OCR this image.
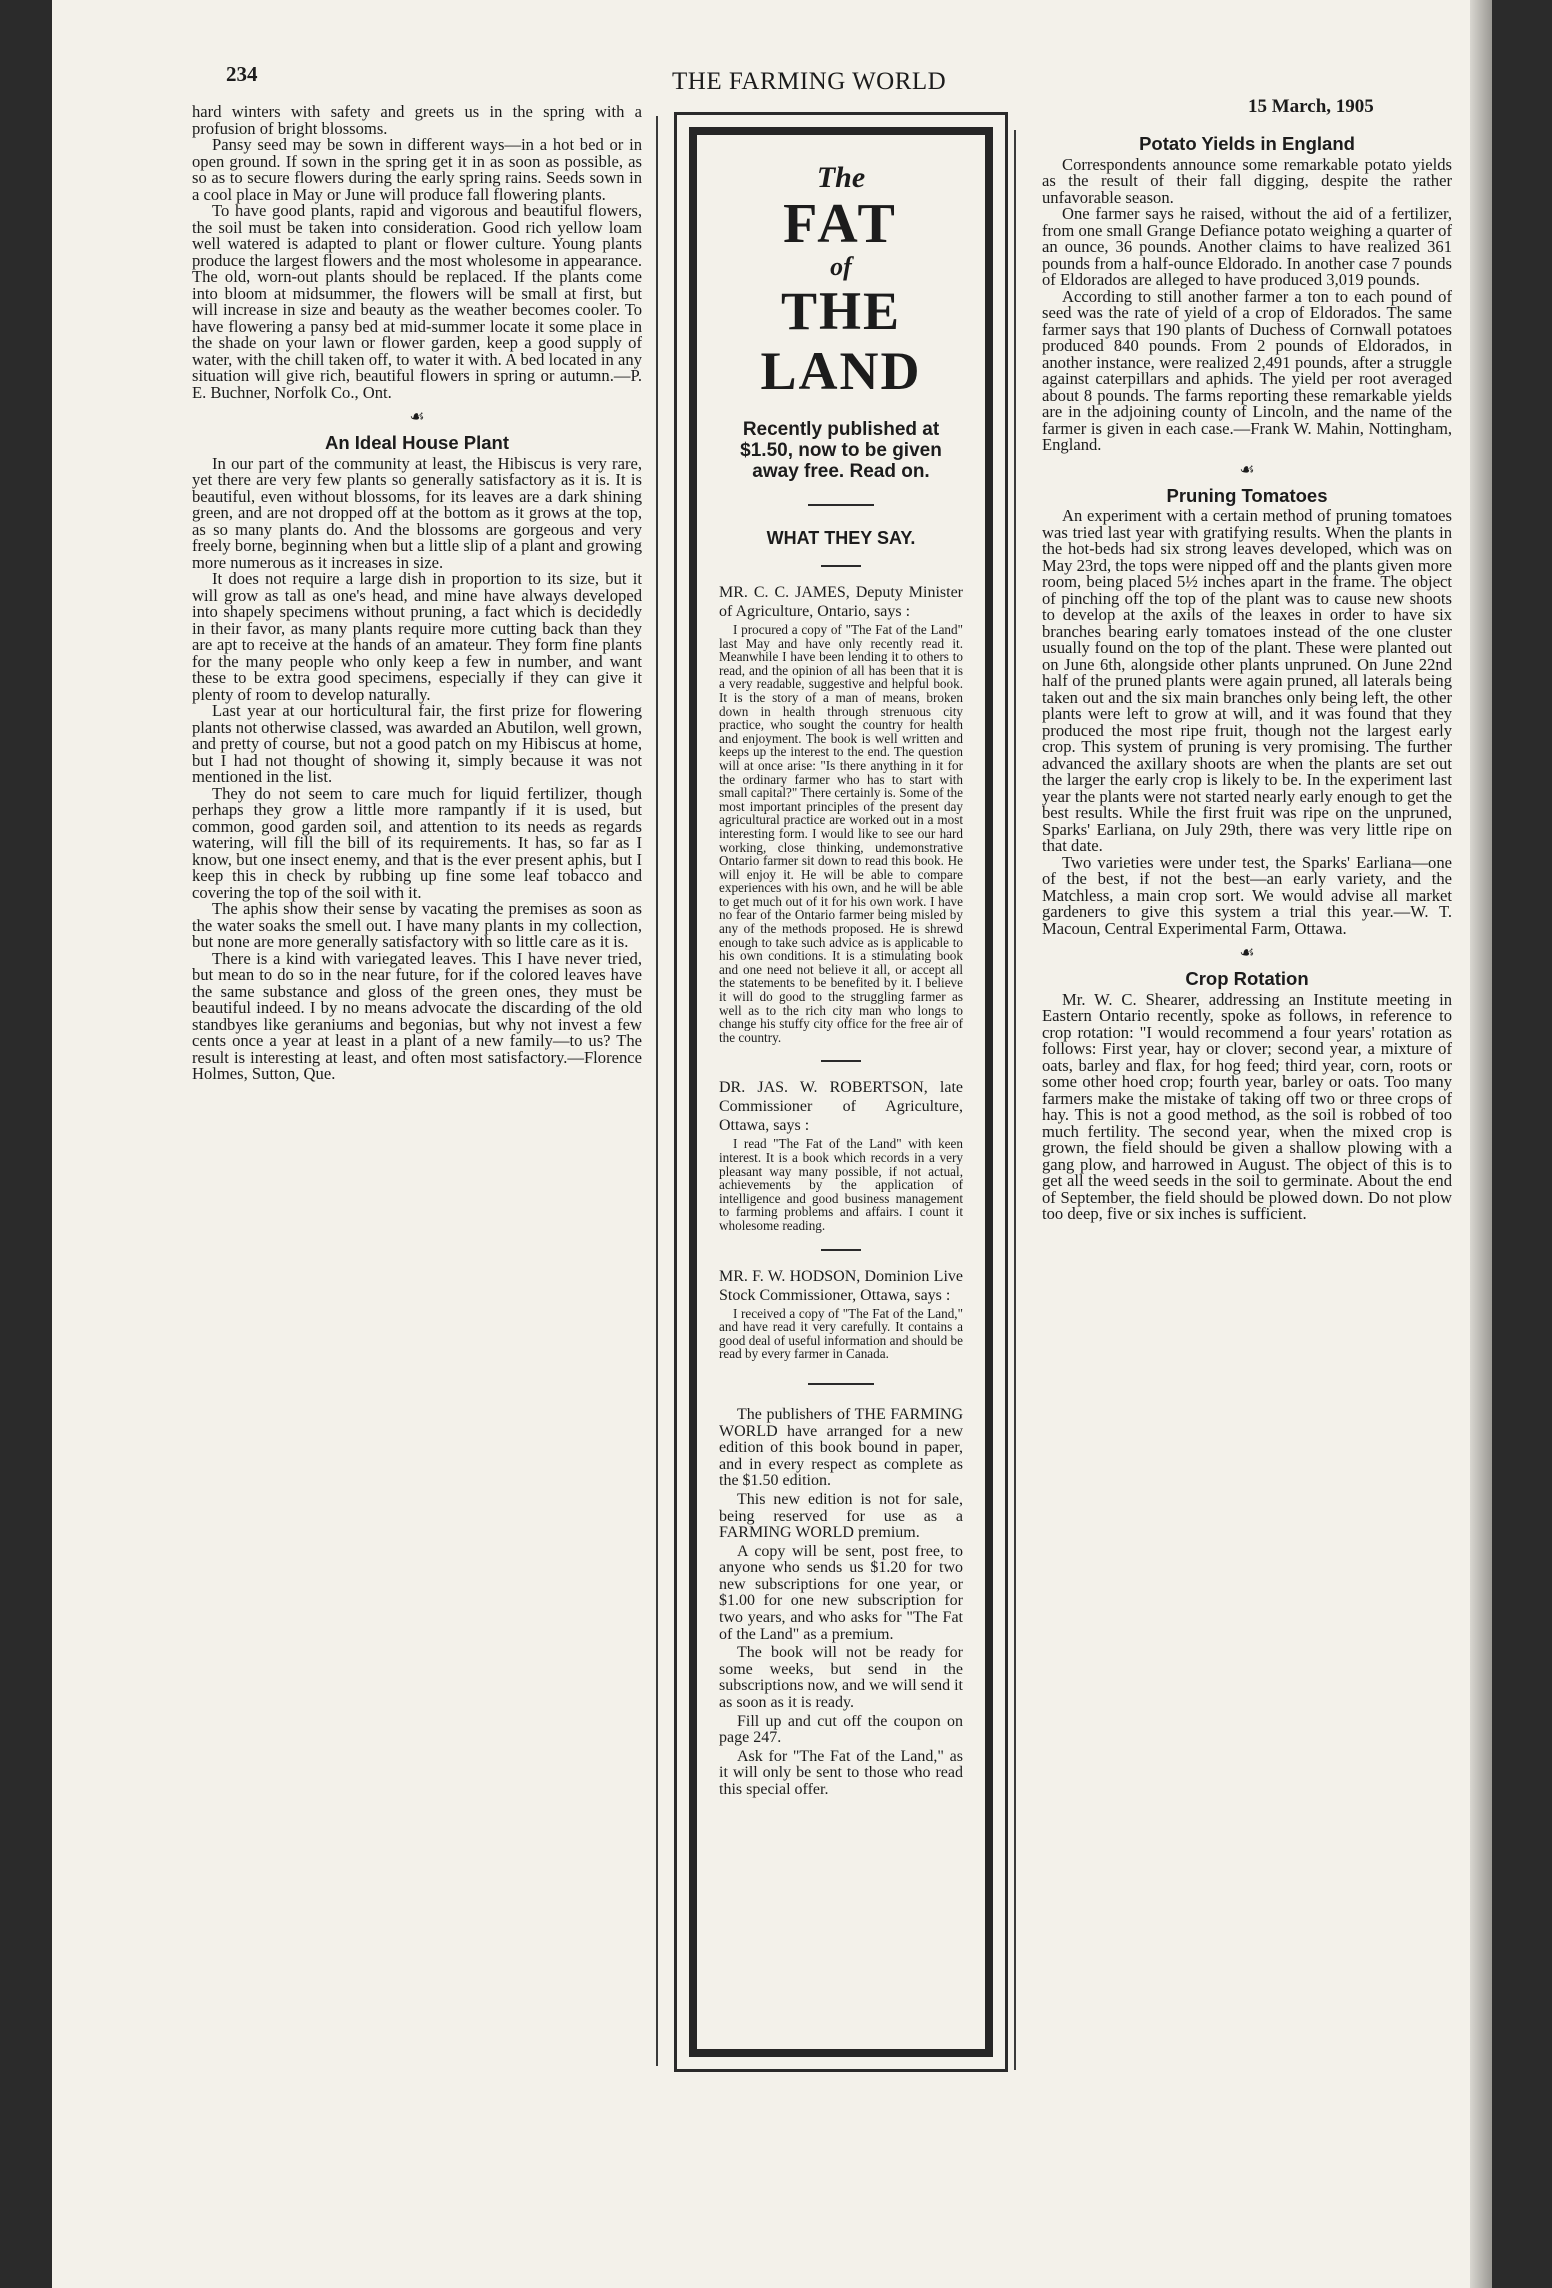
234	THE FARMING WORLD
15 March, 1905

hard winters with safety and greets us in the spring with a profusion of bright blossoms.

Pansy seed may be sown in different ways—in a hot bed or in open ground. If sown in the spring get it in as soon as possible, as so as to secure flowers during the early spring rains. Seeds sown in a cool place in May or June will produce fall flowering plants.

To have good plants, rapid and vigorous and beautiful flowers, the soil must be taken into consideration. Good rich yellow loam well watered is adapted to plant or flower culture. Young plants produce the largest flowers and the most wholesome in appearance. The old, worn-out plants should be replaced. If the plants come into bloom at midsummer, the flowers will be small at first, but will increase in size and beauty as the weather becomes cooler. To have flowering a pansy bed at mid-summer locate it some place in the shade on your lawn or flower garden, keep a good supply of water, with the chill taken off, to water it with. A bed located in any situation will give rich, beautiful flowers in spring or autumn.—P. E. Buchner, Norfolk Co., Ont.

☙
An Ideal House Plant

In our part of the community at least, the Hibiscus is very rare, yet there are very few plants so generally satisfactory as it is. It is beautiful, even without blossoms, for its leaves are a dark shining green, and are not dropped off at the bottom as it grows at the top, as so many plants do. And the blossoms are gorgeous and very freely borne, beginning when but a little slip of a plant and growing more numerous as it increases in size.

It does not require a large dish in proportion to its size, but it will grow as tall as one's head, and mine have always developed into shapely specimens without pruning, a fact which is decidedly in their favor, as many plants require more cutting back than they are apt to receive at the hands of an amateur. They form fine plants for the many people who only keep a few in number, and want these to be extra good specimens, especially if they can give it plenty of room to develop naturally.

Last year at our horticultural fair, the first prize for flowering plants not otherwise classed, was awarded an Abutilon, well grown, and pretty of course, but not a good patch on my Hibiscus at home, but I had not thought of showing it, simply because it was not mentioned in the list.

They do not seem to care much for liquid fertilizer, though perhaps they grow a little more rampantly if it is used, but common, good garden soil, and attention to its needs as regards watering, will fill the bill of its requirements. It has, so far as I know, but one insect enemy, and that is the ever present aphis, but I keep this in check by rubbing up fine some leaf tobacco and covering the top of the soil with it.

The aphis show their sense by vacating the premises as soon as the water soaks the smell out. I have many plants in my collection, but none are more generally satisfactory with so little care as it is.

There is a kind with variegated leaves. This I have never tried, but mean to do so in the near future, for if the colored leaves have the same substance and gloss of the green ones, they must be beautiful indeed. I by no means advocate the discarding of the old standbyes like geraniums and begonias, but why not invest a few cents once a year at least in a plant of a new family—to us? The result is interesting at least, and often most satisfactory.—Florence Holmes, Sutton, Que.

The
FAT
of
THE LAND
Recently published at $1.50, now to be given away free. Read on.
WHAT THEY SAY.
MR. C. C. JAMES, Deputy Minister of Agriculture, Ontario, says :
I procured a copy of "The Fat of the Land" last May and have only recently read it. Meanwhile I have been lending it to others to read, and the opinion of all has been that it is a very readable, suggestive and helpful book. It is the story of a man of means, broken down in health through strenuous city practice, who sought the country for health and enjoyment. The book is well written and keeps up the interest to the end. The question will at once arise: "Is there anything in it for the ordinary farmer who has to start with small capital?" There certainly is. Some of the most important principles of the present day agricultural practice are worked out in a most interesting form. I would like to see our hard working, close thinking, undemonstrative Ontario farmer sit down to read this book. He will enjoy it. He will be able to compare experiences with his own, and he will be able to get much out of it for his own work. I have no fear of the Ontario farmer being misled by any of the methods proposed. He is shrewd enough to take such advice as is applicable to his own conditions. It is a stimulating book and one need not believe it all, or accept all the statements to be benefited by it. I believe it will do good to the struggling farmer as well as to the rich city man who longs to change his stuffy city office for the free air of the country.
DR. JAS. W. ROBERTSON, late Commissioner of Agriculture, Ottawa, says :
I read "The Fat of the Land" with keen interest. It is a book which records in a very pleasant way many possible, if not actual, achievements by the application of intelligence and good business management to farming problems and affairs. I count it wholesome reading.
MR. F. W. HODSON, Dominion Live Stock Commissioner, Ottawa, says :
I received a copy of "The Fat of the Land," and have read it very carefully. It contains a good deal of useful information and should be read by every farmer in Canada.

The publishers of THE FARMING WORLD have arranged for a new edition of this book bound in paper, and in every respect as complete as the $1.50 edition.

This new edition is not for sale, being reserved for use as a FARMING WORLD premium.

A copy will be sent, post free, to anyone who sends us $1.20 for two new subscriptions for one year, or $1.00 for one new subscription for two years, and who asks for "The Fat of the Land" as a premium.

The book will not be ready for some weeks, but send in the subscriptions now, and we will send it as soon as it is ready.

Fill up and cut off the coupon on page 247.

Ask for "The Fat of the Land," as it will only be sent to those who read this special offer.

Potato Yields in England

Correspondents announce some remarkable potato yields as the result of their fall digging, despite the rather unfavorable season.

One farmer says he raised, without the aid of a fertilizer, from one small Grange Defiance potato weighing a quarter of an ounce, 36 pounds. Another claims to have realized 361 pounds from a half-ounce Eldorado. In another case 7 pounds of Eldorados are alleged to have produced 3,019 pounds.

According to still another farmer a ton to each pound of seed was the rate of yield of a crop of Eldorados. The same farmer says that 190 plants of Duchess of Cornwall potatoes produced 840 pounds. From 2 pounds of Eldorados, in another instance, were realized 2,491 pounds, after a struggle against caterpillars and aphids. The yield per root averaged about 8 pounds. The farms reporting these remarkable yields are in the adjoining county of Lincoln, and the name of the farmer is given in each case.—Frank W. Mahin, Nottingham, England.

☙
Pruning Tomatoes

An experiment with a certain method of pruning tomatoes was tried last year with gratifying results. When the plants in the hot-beds had six strong leaves developed, which was on May 23rd, the tops were nipped off and the plants given more room, being placed 5½ inches apart in the frame. The object of pinching off the top of the plant was to cause new shoots to develop at the axils of the leaxes in order to have six branches bearing early tomatoes instead of the one cluster usually found on the top of the plant. These were planted out on June 6th, alongside other plants unpruned. On June 22nd half of the pruned plants were again pruned, all laterals being taken out and the six main branches only being left, the other plants were left to grow at will, and it was found that they produced the most ripe fruit, though not the largest early crop. This system of pruning is very promising. The further advanced the axillary shoots are when the plants are set out the larger the early crop is likely to be. In the experiment last year the plants were not started nearly early enough to get the best results. While the first fruit was ripe on the unpruned, Sparks' Earliana, on July 29th, there was very little ripe on that date.

Two varieties were under test, the Sparks' Earliana—one of the best, if not the best—an early variety, and the Matchless, a main crop sort. We would advise all market gardeners to give this system a trial this year.—W. T. Macoun, Central Experimental Farm, Ottawa.

☙
Crop Rotation

Mr. W. C. Shearer, addressing an Institute meeting in Eastern Ontario recently, spoke as follows, in reference to crop rotation: "I would recommend a four years' rotation as follows: First year, hay or clover; second year, a mixture of oats, barley and flax, for hog feed; third year, corn, roots or some other hoed crop; fourth year, barley or oats. Too many farmers make the mistake of taking off two or three crops of hay. This is not a good method, as the soil is robbed of too much fertility. The second year, when the mixed crop is grown, the field should be given a shallow plowing with a gang plow, and harrowed in August. The object of this is to get all the weed seeds in the soil to germinate. About the end of September, the field should be plowed down. Do not plow too deep, five or six inches is sufficient.
